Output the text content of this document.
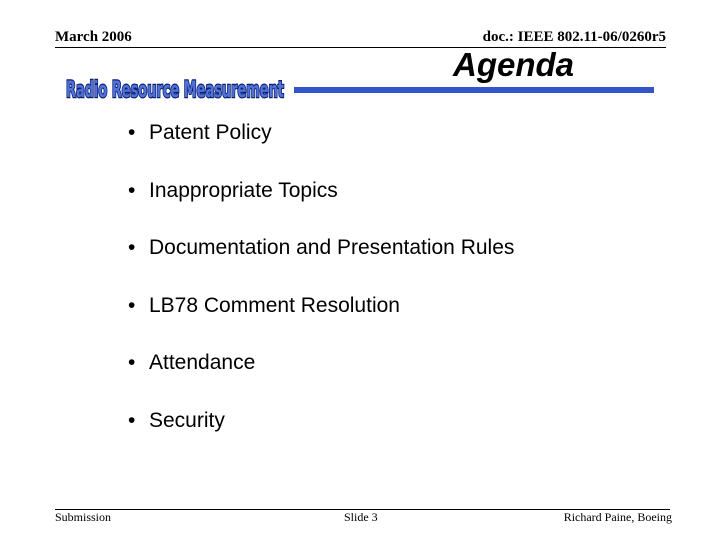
March 2006	doc.: IEEE 802.11-06/0260r5
Radio Resource Measurement
Agenda
• Patent Policy
• Inappropriate Topics
• Documentation and Presentation Rules
• LB78 Comment Resolution
• Attendance
• Security
Submission	Slide 3	Richard Paine, Boeing
